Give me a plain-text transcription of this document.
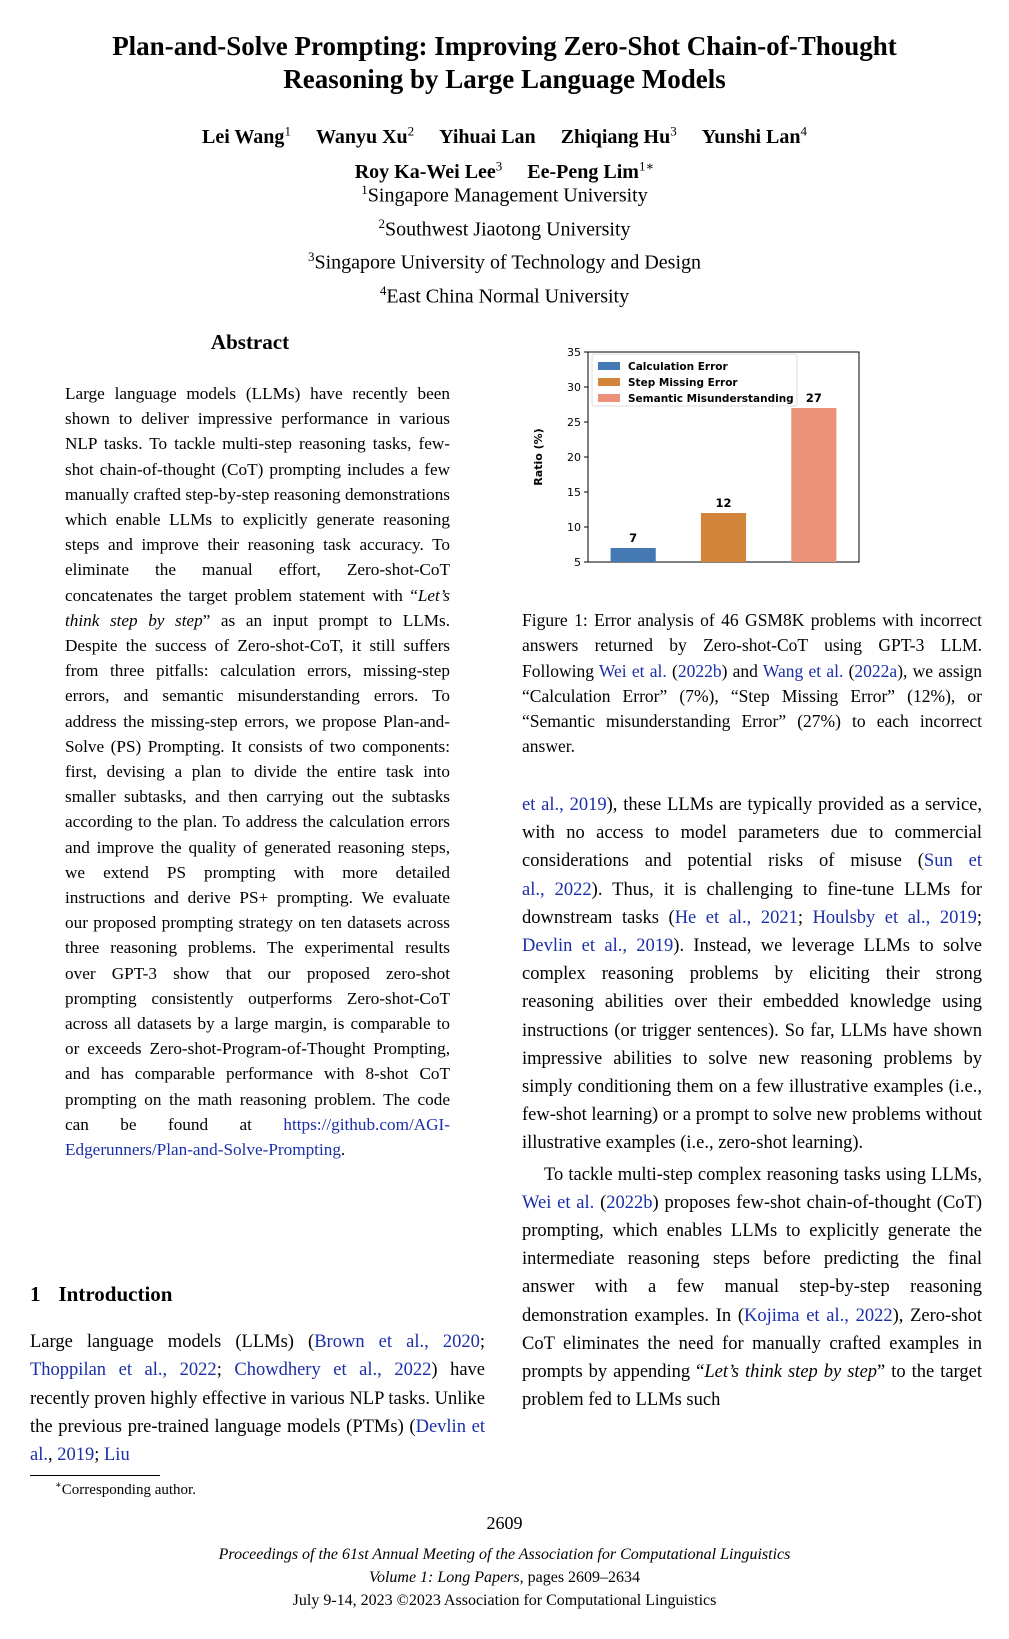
Plan-and-Solve Prompting: Improving Zero-Shot Chain-of-Thought
Reasoning by Large Language Models
Lei Wang$^1$ Wanyu Xu$^2$ Yihuai Lan Zhiqiang Hu$^3$ Yunshi Lan$^4$
Roy Ka-Wei Lee$^3$ Ee-Peng Lim$^{1∗}$
$^1$Singapore Management University
$^2$Southwest Jiaotong University
$^3$Singapore University of Technology and Design
$^4$East China Normal University
Abstract
Large language models (LLMs) have recently been shown to deliver impressive performance in various NLP tasks. To tackle multi-step reasoning tasks, few-shot chain-of-thought (CoT) prompting includes a few manually crafted step-by-step reasoning demonstrations which enable LLMs to explicitly generate reasoning steps and improve their reasoning task accuracy. To eliminate the manual effort, Zero-shot-CoT concatenates the target problem statement with “Let’s think step by step” as an input prompt to LLMs. Despite the success of Zero-shot-CoT, it still suffers from three pitfalls: calculation errors, missing-step errors, and semantic misunderstanding errors. To address the missing-step errors, we propose Plan-and-Solve (PS) Prompting. It consists of two components: first, devising a plan to divide the entire task into smaller subtasks, and then carrying out the subtasks according to the plan. To address the calculation errors and improve the quality of generated reasoning steps, we extend PS prompting with more detailed instructions and derive PS+ prompting. We evaluate our proposed prompting strategy on ten datasets across three reasoning problems. The experimental results over GPT-3 show that our proposed zero-shot prompting consistently outperforms Zero-shot-CoT across all datasets by a large margin, is comparable to or exceeds Zero-shot-Program-of-Thought Prompting, and has comparable performance with 8-shot CoT prompting on the math reasoning problem. The code can be found at https://github.com/AGI-Edgerunners/Plan-and-Solve-Prompting.
1 Introduction
Large language models (LLMs) (Brown et al., 2020; Thoppilan et al., 2022; Chowdhery et al., 2022) have recently proven highly effective in various NLP tasks. Unlike the previous pre-trained language models (PTMs) (Devlin et al., 2019; Liu
∗Corresponding author.
Ratio (%)
5
10
15
20
25
30
35
7
12
27
Calculation Error
Step Missing Error
Semantic Misunderstanding
Figure 1: Error analysis of 46 GSM8K problems with incorrect answers returned by Zero-shot-CoT using GPT-3 LLM. Following Wei et al. (2022b) and Wang et al. (2022a), we assign “Calculation Error” (7%), “Step Missing Error” (12%), or “Semantic misunderstanding Error” (27%) to each incorrect answer.

et al., 2019), these LLMs are typically provided as a service, with no access to model parameters due to commercial considerations and potential risks of misuse (Sun et al., 2022). Thus, it is challenging to fine-tune LLMs for downstream tasks (He et al., 2021; Houlsby et al., 2019; Devlin et al., 2019). Instead, we leverage LLMs to solve complex reasoning problems by eliciting their strong reasoning abilities over their embedded knowledge using instructions (or trigger sentences). So far, LLMs have shown impressive abilities to solve new reasoning problems by simply conditioning them on a few illustrative examples (i.e., few-shot learning) or a prompt to solve new problems without illustrative examples (i.e., zero-shot learning).

To tackle multi-step complex reasoning tasks using LLMs, Wei et al. (2022b) proposes few-shot chain-of-thought (CoT) prompting, which enables LLMs to explicitly generate the intermediate reasoning steps before predicting the final answer with a few manual step-by-step reasoning demonstration examples. In (Kojima et al., 2022), Zero-shot CoT eliminates the need for manually crafted examples in prompts by appending “Let’s think step by step” to the target problem fed to LLMs such

2609
Proceedings of the 61st Annual Meeting of the Association for Computational Linguistics
Volume 1: Long Papers, pages 2609–2634
July 9-14, 2023 ©2023 Association for Computational Linguistics
